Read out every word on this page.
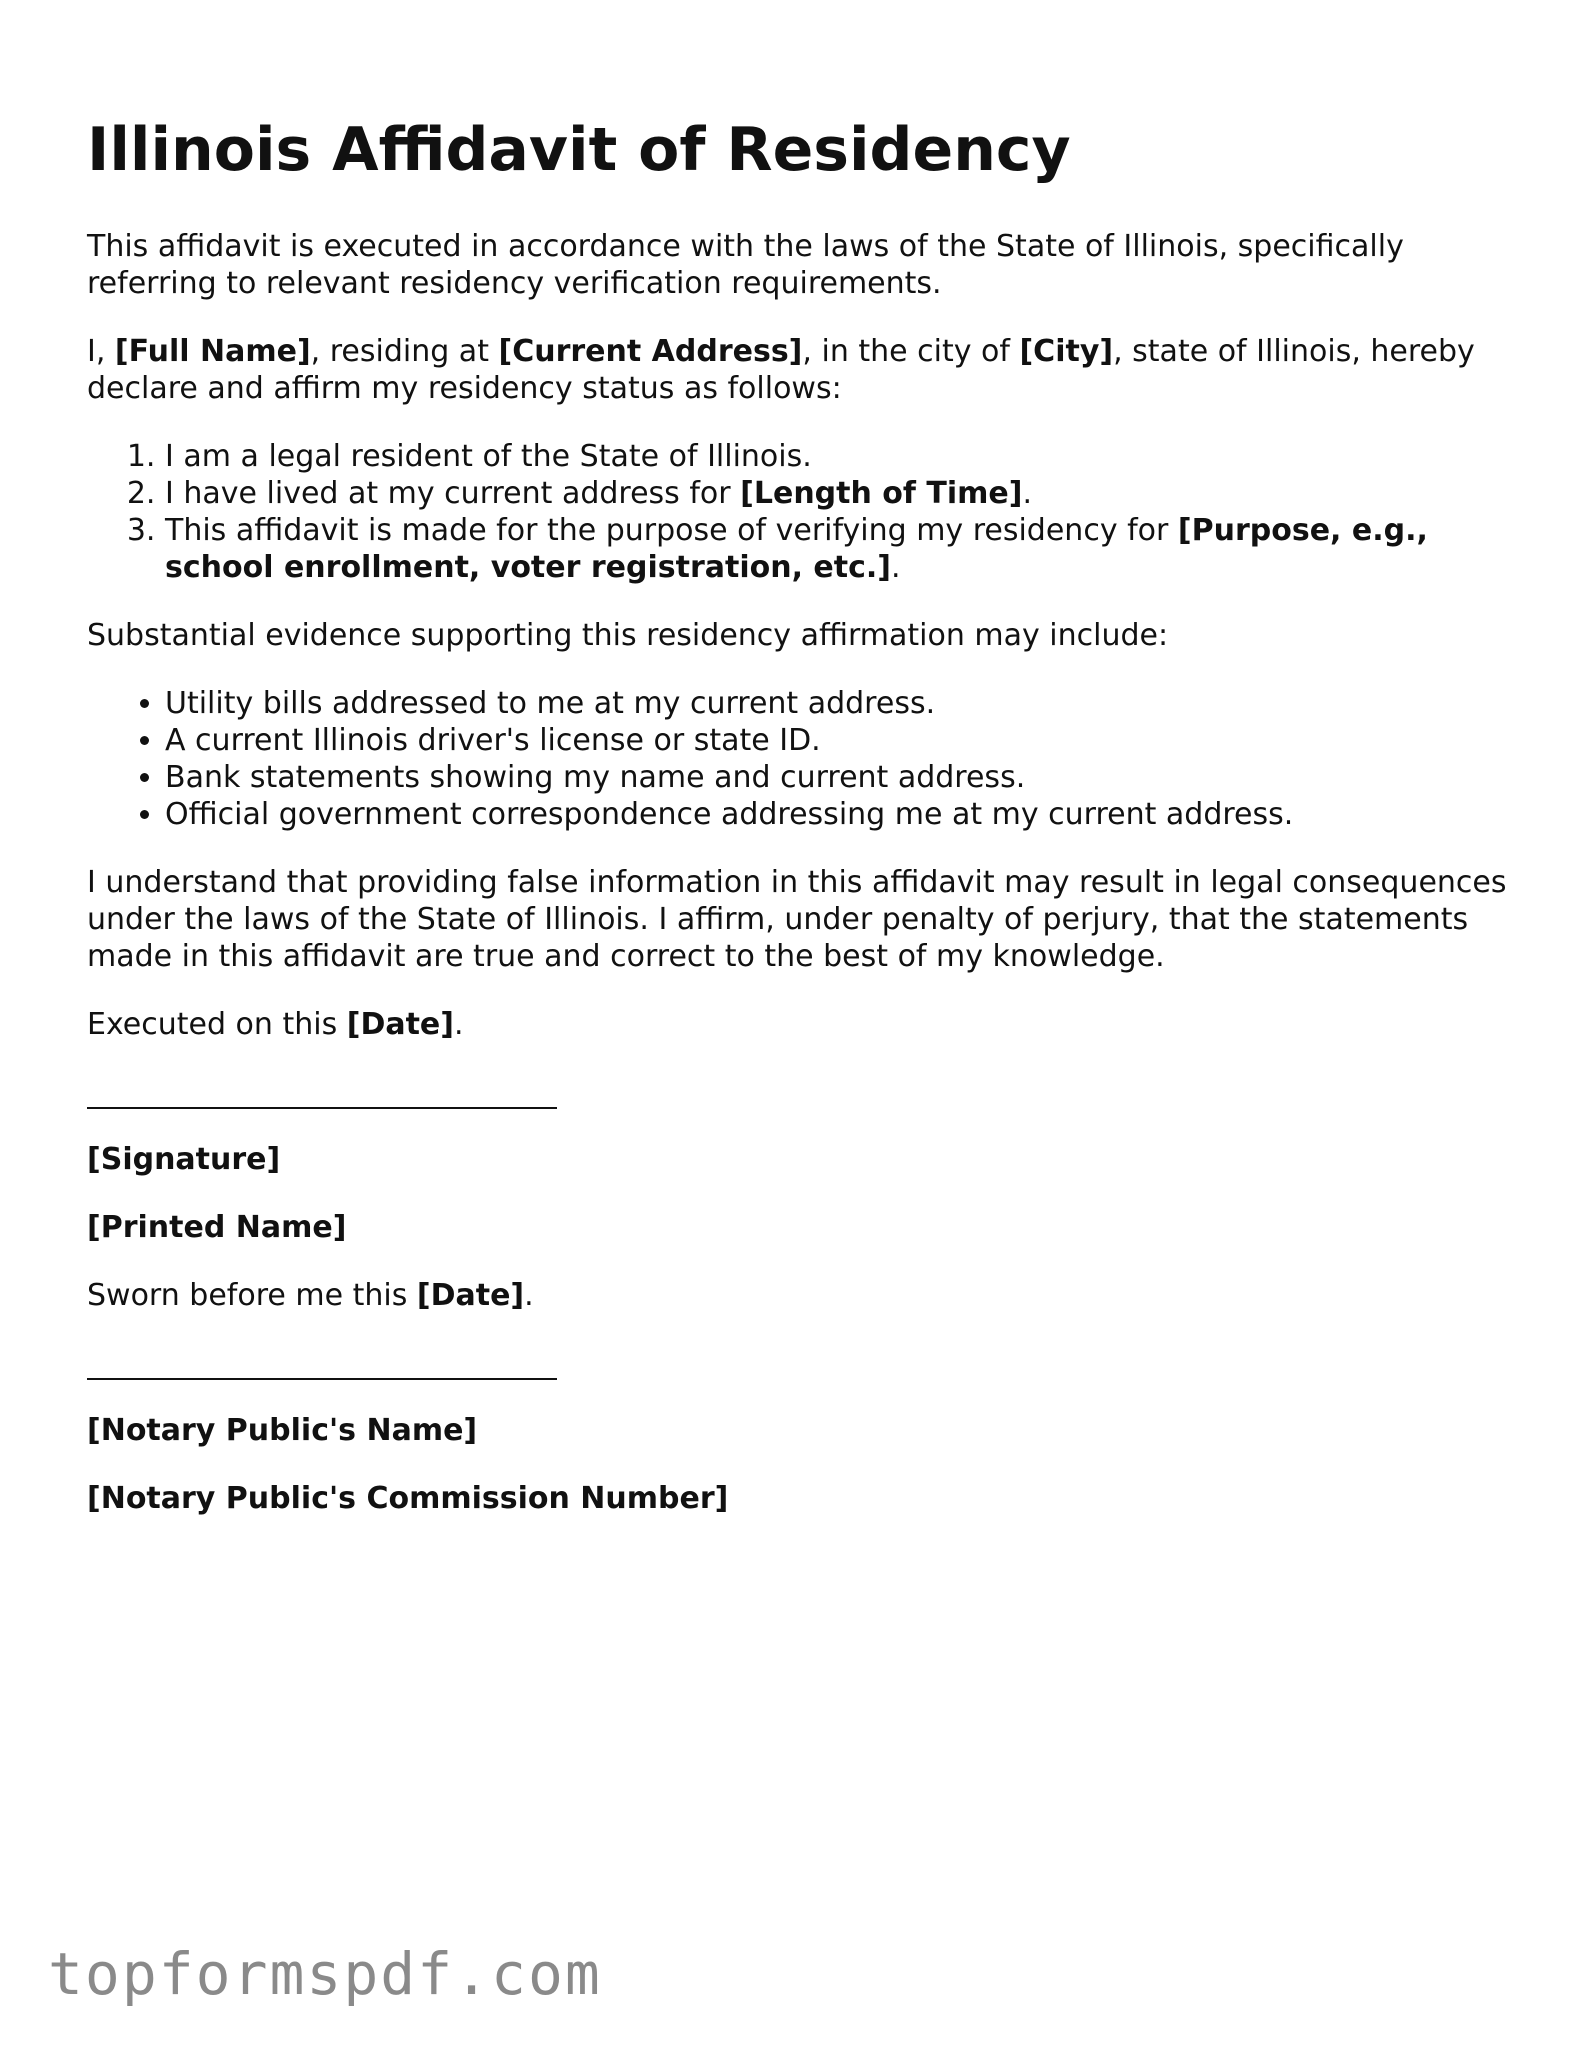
Illinois Affidavit of Residency

This affidavit is executed in accordance with the laws of the State of Illinois, specifically referring to relevant residency verification requirements.

I, [Full Name], residing at [Current Address], in the city of [City], state of Illinois, hereby declare and affirm my residency status as follows:

1. I am a legal resident of the State of Illinois.
2. I have lived at my current address for [Length of Time].
3. This affidavit is made for the purpose of verifying my residency for [Purpose, e.g., school enrollment, voter registration, etc.].

Substantial evidence supporting this residency affirmation may include:

• Utility bills addressed to me at my current address.
• A current Illinois driver's license or state ID.
• Bank statements showing my name and current address.
• Official government correspondence addressing me at my current address.

I understand that providing false information in this affidavit may result in legal consequences under the laws of the State of Illinois. I affirm, under penalty of perjury, that the statements made in this affidavit are true and correct to the best of my knowledge.

Executed on this [Date].

[Signature]
[Printed Name]

Sworn before me this [Date].

[Notary Public's Name]
[Notary Public's Commission Number]
topformspdf.com
